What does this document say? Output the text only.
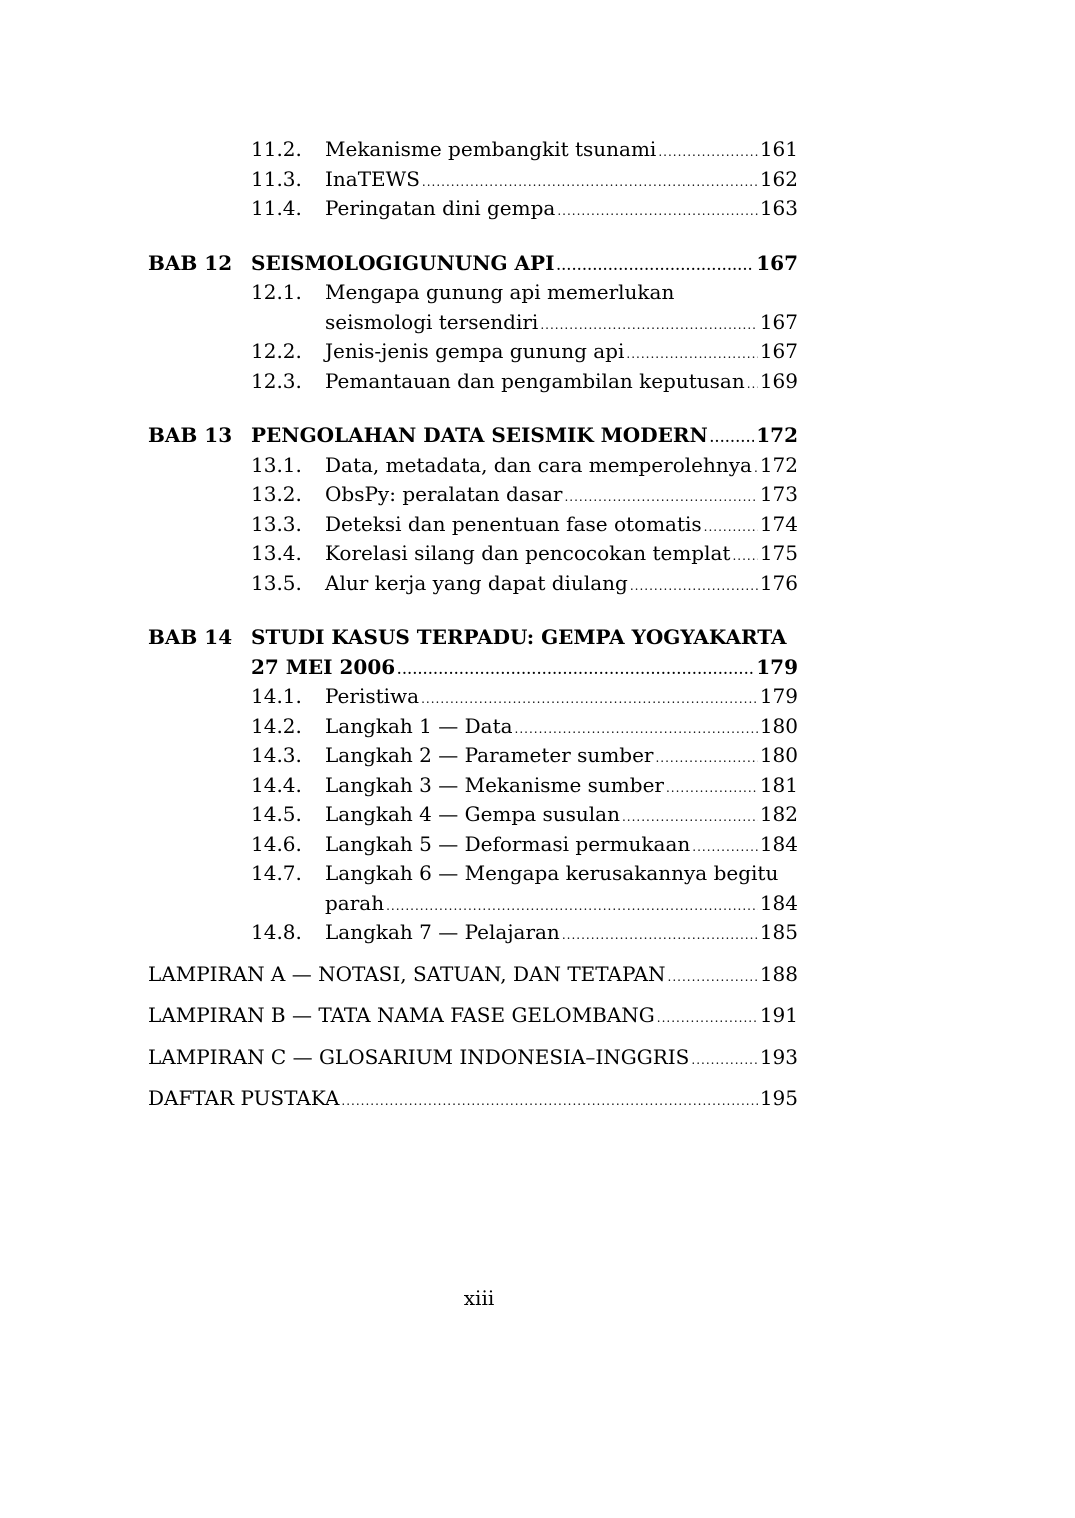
11.2.	Mekanisme pembangkit tsunami .....	161
11.3.	InaTEWS .....	162
11.4.	Peringatan dini gempa .....	163
BAB 12 SEISMOLOGIGUNUNG API .....	167
12.1.	Mengapa gunung api memerlukan
seismologi tersendiri .....	167
12.2.	Jenis-jenis gempa gunung api .....	167
12.3.	Pemantauan dan pengambilan keputusan ..... 169
BAB 13 PENGOLAHAN DATA SEISMIK MODERN ..... 172
13.1.	Data, metadata, dan cara memperolehnya ..... 172
13.2.	ObsPy: peralatan dasar .....	173
13.3.	Deteksi dan penentuan fase otomatis .....	174
13.4.	Korelasi silang dan pencocokan templat ..... 175
13.5.	Alur kerja yang dapat diulang .....	176
BAB 14 STUDI KASUS TERPADU: GEMPA YOGYAKARTA
27 MEI 2006 .....	179
14.1.	Peristiwa .....	179
14.2.	Langkah 1 — Data .....	180
14.3.	Langkah 2 — Parameter sumber .....	180
14.4.	Langkah 3 — Mekanisme sumber .....	181
14.5.	Langkah 4 — Gempa susulan .....	182
14.6.	Langkah 5 — Deformasi permukaan .....	184
14.7.	Langkah 6 — Mengapa kerusakannya begitu
parah .....	184
14.8.	Langkah 7 — Pelajaran .....	185
LAMPIRAN A — NOTASI, SATUAN, DAN TETAPAN .....	188
LAMPIRAN B — TATA NAMA FASE GELOMBANG .....	191
LAMPIRAN C — GLOSARIUM INDONESIA–INGGRIS .....	193
DAFTAR PUSTAKA .....	195
xiii
